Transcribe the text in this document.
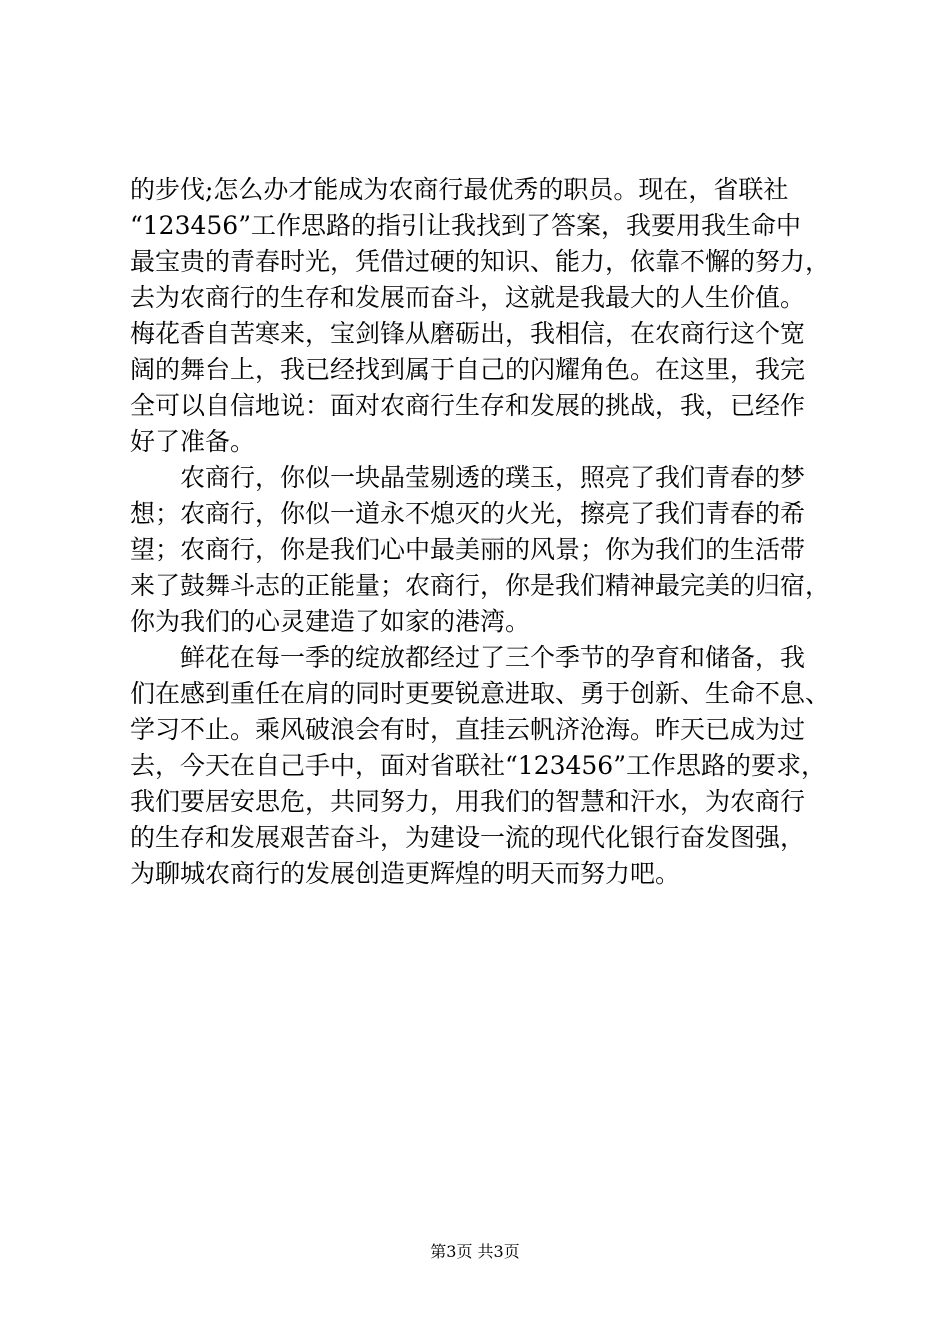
的步伐;怎么办才能成为农商行最优秀的职员。现在，省联社
“123456”工作思路的指引让我找到了答案，我要用我生命中
最宝贵的青春时光，凭借过硬的知识、能力，依靠不懈的努力，
去为农商行的生存和发展而奋斗，这就是我最大的人生价值。
梅花香自苦寒来，宝剑锋从磨砺出，我相信，在农商行这个宽
阔的舞台上，我已经找到属于自己的闪耀角色。在这里，我完
全可以自信地说：面对农商行生存和发展的挑战，我，已经作
好了准备。
农商行，你似一块晶莹剔透的璞玉，照亮了我们青春的梦
想；农商行，你似一道永不熄灭的火光，擦亮了我们青春的希
望；农商行，你是我们心中最美丽的风景；你为我们的生活带
来了鼓舞斗志的正能量；农商行，你是我们精神最完美的归宿，
你为我们的心灵建造了如家的港湾。
鲜花在每一季的绽放都经过了三个季节的孕育和储备，我
们在感到重任在肩的同时更要锐意进取、勇于创新、生命不息、
学习不止。乘风破浪会有时，直挂云帆济沧海。昨天已成为过
去，今天在自己手中，面对省联社“123456”工作思路的要求，
我们要居安思危，共同努力，用我们的智慧和汗水，为农商行
的生存和发展艰苦奋斗，为建设一流的现代化银行奋发图强，
为聊城农商行的发展创造更辉煌的明天而努力吧。
第3页 共3页
